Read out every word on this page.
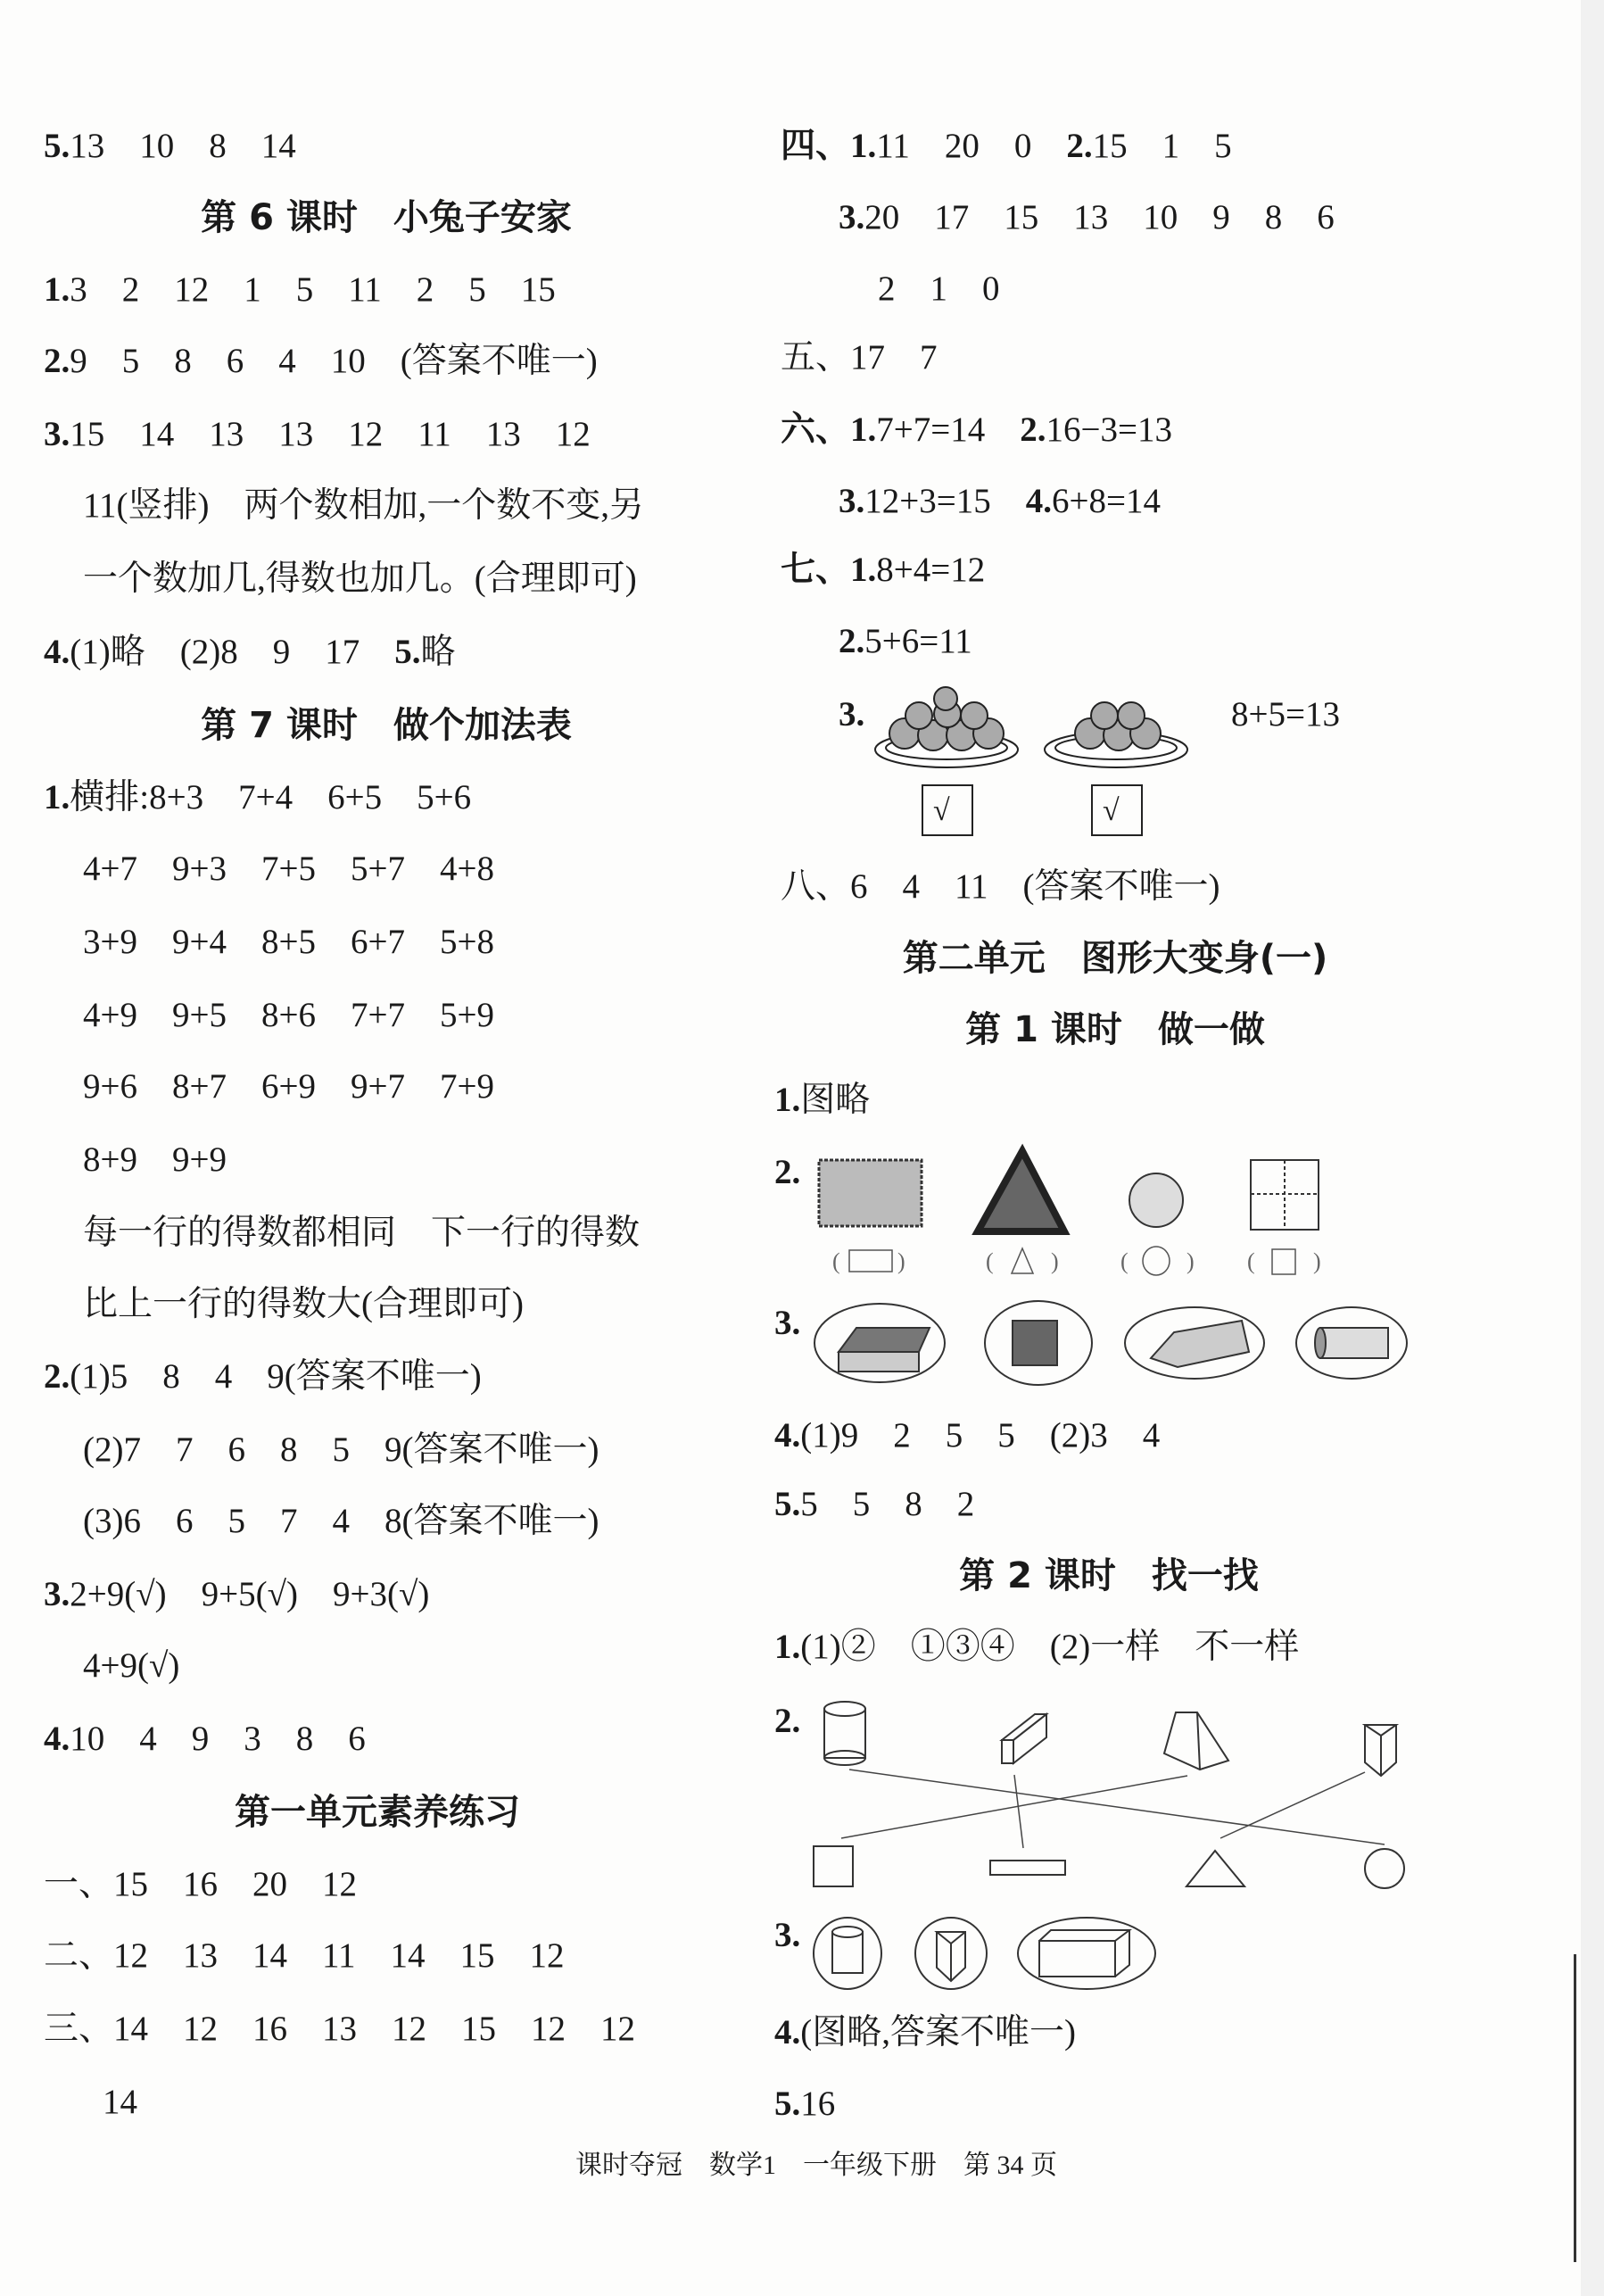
5.13　10　8　14
第 6 课时　小兔子安家
1.3　2　12　1　5　11　2　5　15
2.9　5　8　6　4　10　(答案不唯一)
3.15　14　13　13　12　11　13　12
11(竖排)　两个数相加,一个数不变,另
一个数加几,得数也加几。(合理即可)
4.(1)略　(2)8　9　17　5.略
第 7 课时　做个加法表
1.横排:8+3　7+4　6+5　5+6
4+7　9+3　7+5　5+7　4+8
3+9　9+4　8+5　6+7　5+8
4+9　9+5　8+6　7+7　5+9
9+6　8+7　6+9　9+7　7+9
8+9　9+9
每一行的得数都相同　下一行的得数
比上一行的得数大(合理即可)
2.(1)5　8　4　9(答案不唯一)
(2)7　7　6　8　5　9(答案不唯一)
(3)6　6　5　7　4　8(答案不唯一)
3.2+9(√)　9+5(√)　9+3(√)
4+9(√)
4.10　4　9　3　8　6
第一单元素养练习
一、15　16　20　12
二、12　13　14　11　14　15　12
三、14　12　16　13　12　15　12　12
14
四、1.11　20　0　2.15　1　5
3.20　17　15　13　10　9　8　6
2　1　0
五、17　7
六、1.7+7=14　2.16−3=13
3.12+3=15　4.6+8=14
七、1.8+4=12
2.5+6=11
3.	8+5=13
√	√
八、6　4　11　(答案不唯一)
第二单元　图形大变身(一)
第 1 课时　做一做
1.图略
2.
3.
4.(1)9　2　5　5　(2)3　4
5.5　5　8　2
第 2 课时　找一找
1.(1)②　①③④　(2)一样　不一样
2.
3.
4.(图略,答案不唯一)
5.16
课时夺冠　数学1　一年级下册　第 34 页
( )	( )	(	) (	)
